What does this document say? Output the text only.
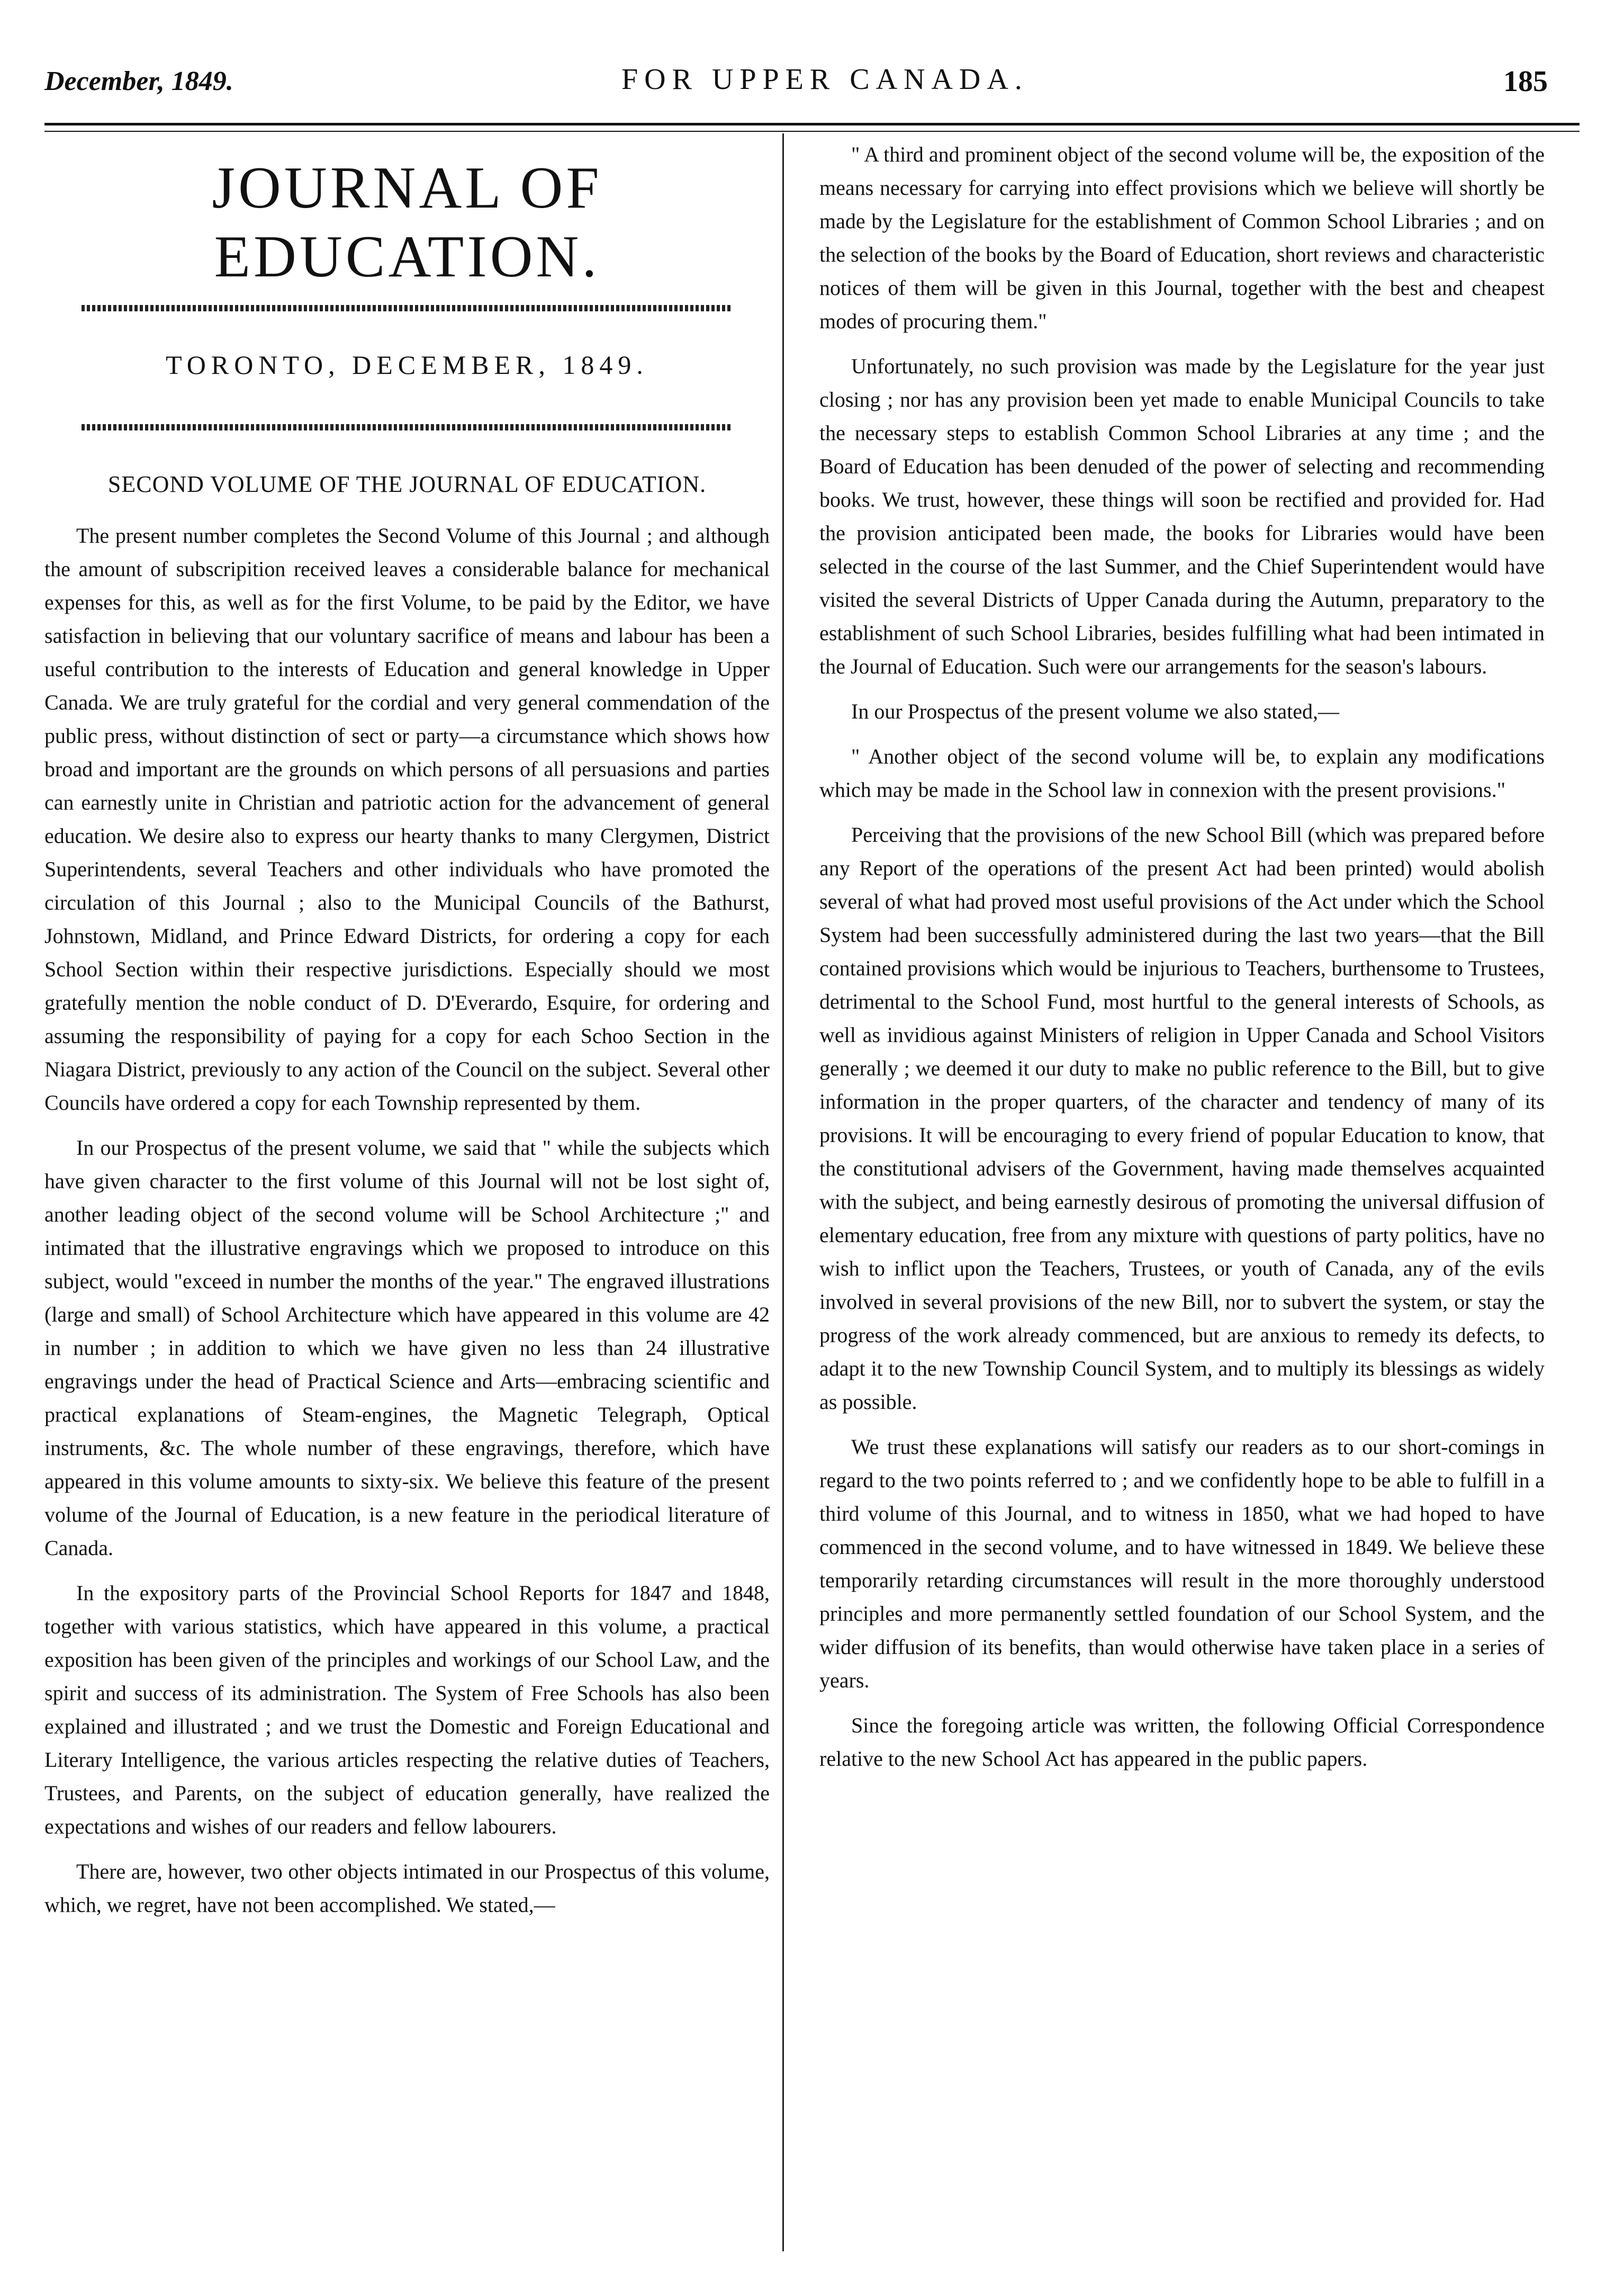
December, 1849.	FOR UPPER CANADA.	185
JOURNAL OF EDUCATION.
TORONTO, DECEMBER, 1849.
SECOND VOLUME OF THE JOURNAL OF EDUCATION.

The present number completes the Second Volume of this Journal ; and although the amount of subscripition received leaves a considerable balance for mechanical expenses for this, as well as for the first Volume, to be paid by the Editor, we have satisfaction in believing that our voluntary sacrifice of means and labour has been a useful contribution to the interests of Education and general knowledge in Upper Canada. We are truly grateful for the cordial and very general commendation of the public press, without distinction of sect or party—a circumstance which shows how broad and important are the grounds on which persons of all persuasions and parties can earnestly unite in Christian and patriotic action for the advancement of general education. We desire also to express our hearty thanks to many Clergymen, District Superintendents, several Teachers and other individuals who have promoted the circulation of this Journal ; also to the Municipal Councils of the Bathurst, Johnstown, Midland, and Prince Edward Districts, for ordering a copy for each School Section within their respective jurisdictions. Especially should we most gratefully mention the noble conduct of D. D'Everardo, Esquire, for ordering and assuming the responsibility of paying for a copy for each Schoo Section in the Niagara District, previously to any action of the Council on the subject. Several other Councils have ordered a copy for each Township represented by them.

In our Prospectus of the present volume, we said that " while the subjects which have given character to the first volume of this Journal will not be lost sight of, another leading object of the second volume will be School Architecture ;" and intimated that the illustrative engravings which we proposed to introduce on this subject, would "exceed in number the months of the year." The engraved illustrations (large and small) of School Architecture which have appeared in this volume are 42 in number ; in addition to which we have given no less than 24 illustrative engravings under the head of Practical Science and Arts—embracing scientific and practical explanations of Steam-engines, the Magnetic Telegraph, Optical instruments, &c. The whole number of these engravings, therefore, which have appeared in this volume amounts to sixty-six. We believe this feature of the present volume of the Journal of Education, is a new feature in the periodical literature of Canada.

In the expository parts of the Provincial School Reports for 1847 and 1848, together with various statistics, which have appeared in this volume, a practical exposition has been given of the principles and workings of our School Law, and the spirit and success of its administration. The System of Free Schools has also been explained and illustrated ; and we trust the Domestic and Foreign Educational and Literary Intelligence, the various articles respecting the relative duties of Teachers, Trustees, and Parents, on the subject of education generally, have realized the expectations and wishes of our readers and fellow labourers.

There are, however, two other objects intimated in our Prospectus of this volume, which, we regret, have not been accomplished. We stated,—

" A third and prominent object of the second volume will be, the exposition of the means necessary for carrying into effect provisions which we believe will shortly be made by the Legislature for the establishment of Common School Libraries ; and on the selection of the books by the Board of Education, short reviews and characteristic notices of them will be given in this Journal, together with the best and cheapest modes of procuring them."

Unfortunately, no such provision was made by the Legislature for the year just closing ; nor has any provision been yet made to enable Municipal Councils to take the necessary steps to establish Common School Libraries at any time ; and the Board of Education has been denuded of the power of selecting and recommending books. We trust, however, these things will soon be rectified and provided for. Had the provision anticipated been made, the books for Libraries would have been selected in the course of the last Summer, and the Chief Superintendent would have visited the several Districts of Upper Canada during the Autumn, preparatory to the establishment of such School Libraries, besides fulfilling what had been intimated in the Journal of Education. Such were our arrangements for the season's labours.

In our Prospectus of the present volume we also stated,—

" Another object of the second volume will be, to explain any modifications which may be made in the School law in connexion with the present provisions."

Perceiving that the provisions of the new School Bill (which was prepared before any Report of the operations of the present Act had been printed) would abolish several of what had proved most useful provisions of the Act under which the School System had been successfully administered during the last two years—that the Bill contained provisions which would be injurious to Teachers, burthensome to Trustees, detrimental to the School Fund, most hurtful to the general interests of Schools, as well as invidious against Ministers of religion in Upper Canada and School Visitors generally ; we deemed it our duty to make no public reference to the Bill, but to give information in the proper quarters, of the character and tendency of many of its provisions. It will be encouraging to every friend of popular Education to know, that the constitutional advisers of the Government, having made themselves acquainted with the subject, and being earnestly desirous of promoting the universal diffusion of elementary education, free from any mixture with questions of party politics, have no wish to inflict upon the Teachers, Trustees, or youth of Canada, any of the evils involved in several provisions of the new Bill, nor to subvert the system, or stay the progress of the work already commenced, but are anxious to remedy its defects, to adapt it to the new Township Council System, and to multiply its blessings as widely as possible.

We trust these explanations will satisfy our readers as to our short-comings in regard to the two points referred to ; and we confidently hope to be able to fulfill in a third volume of this Journal, and to witness in 1850, what we had hoped to have commenced in the second volume, and to have witnessed in 1849. We believe these temporarily retarding circumstances will result in the more thoroughly understood principles and more permanently settled foundation of our School System, and the wider diffusion of its benefits, than would otherwise have taken place in a series of years.

Since the foregoing article was written, the following Official Correspondence relative to the new School Act has appeared in the public papers.
